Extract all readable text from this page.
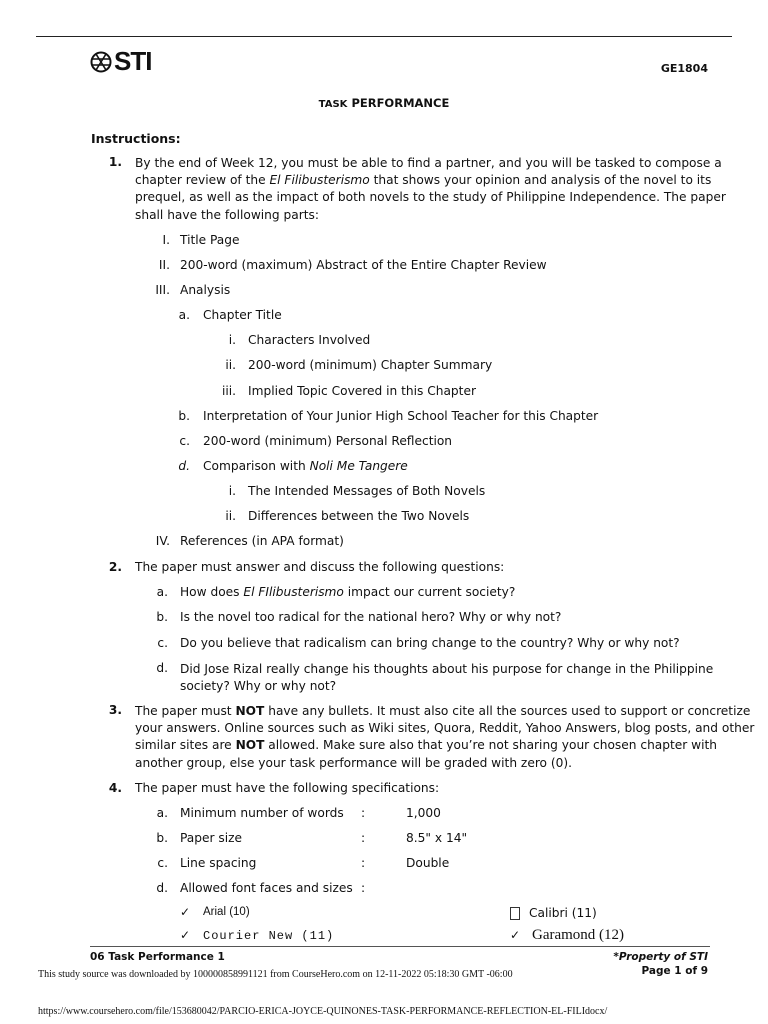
STI	GE1804
TASK PERFORMANCE
Instructions:
1. By the end of Week 12, you must be able to find a partner, and you will be tasked to compose a
chapter review of the El Filibusterismo that shows your opinion and analysis of the novel to its
prequel, as well as the impact of both novels to the study of Philippine Independence. The paper
shall have the following parts:
I. Title Page
II. 200-word (maximum) Abstract of the Entire Chapter Review
III. Analysis
a. Chapter Title
i. Characters Involved
ii. 200-word (minimum) Chapter Summary
iii. Implied Topic Covered in this Chapter
b. Interpretation of Your Junior High School Teacher for this Chapter
c. 200-word (minimum) Personal Reflection
d. Comparison with Noli Me Tangere
i. The Intended Messages of Both Novels
ii. Differences between the Two Novels
IV. References (in APA format)
2. The paper must answer and discuss the following questions:
a. How does El FIlibusterismo impact our current society?
b. Is the novel too radical for the national hero? Why or why not?
c. Do you believe that radicalism can bring change to the country? Why or why not?
d. Did Jose Rizal really change his thoughts about his purpose for change in the Philippine
society? Why or why not?
3. The paper must NOT have any bullets. It must also cite all the sources used to support or concretize
your answers. Online sources such as Wiki sites, Quora, Reddit, Yahoo Answers, blog posts, and other
similar sites are NOT allowed. Make sure also that you’re not sharing your chosen chapter with
another group, else your task performance will be graded with zero (0).
4. The paper must have the following specifications:
a. Minimum number of words :	1,000
b. Paper size	:	8.5" x 14"
c. Line spacing	:	Double
d. Allowed font faces and sizes :
✓ Arial (10)	Calibri (11)
✓ Courier New (11)	✓ Garamond (12)
06 Task Performance 1	*Property of STI
Page 1 of 9
This study source was downloaded by 100000858991121 from CourseHero.com on 12-11-2022 05:18:30 GMT -06:00
https://www.coursehero.com/file/153680042/PARCIO-ERICA-JOYCE-QUINONES-TASK-PERFORMANCE-REFLECTION-EL-FILIdocx/
